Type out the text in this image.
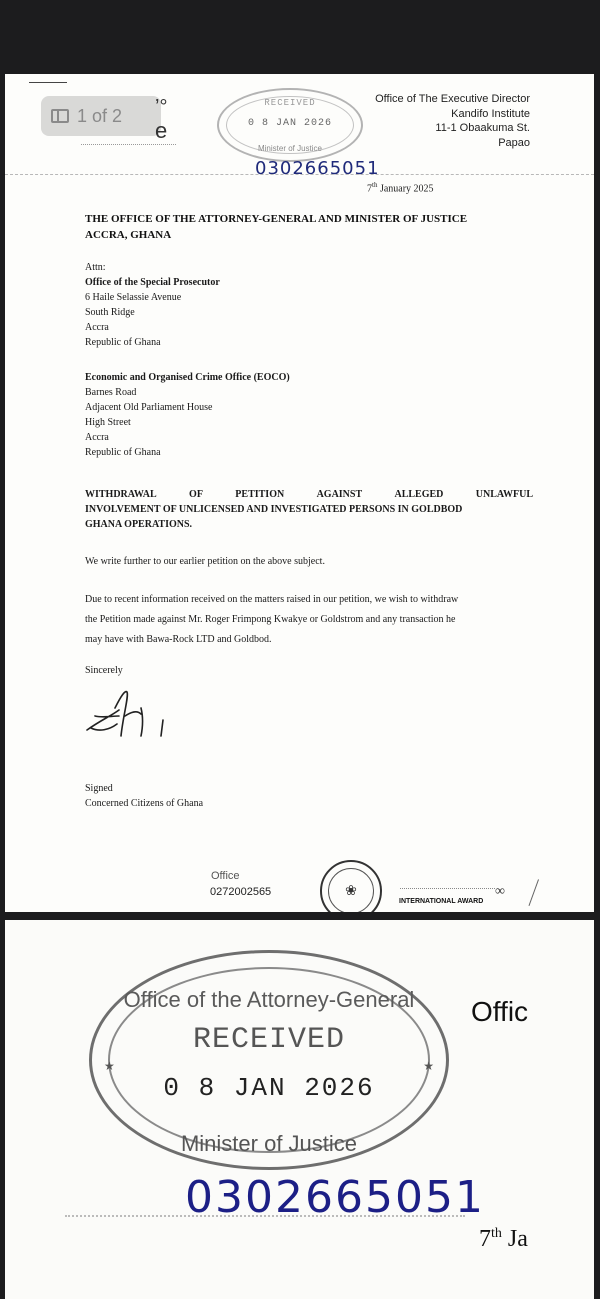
1 of 2 ’°
e
RECEIVED
0 8 JAN 2026
Minister of Justice
0302665051
Office of The Executive Director
Kandifo Institute
11-1 Obaakuma St.
Papao
7th January 2025
THE OFFICE OF THE ATTORNEY-GENERAL AND MINISTER OF JUSTICE
ACCRA, GHANA
Attn:
Office of the Special Prosecutor
6 Haile Selassie Avenue
South Ridge
Accra
Republic of Ghana
Economic and Organised Crime Office (EOCO)
Barnes Road
Adjacent Old Parliament House
High Street
Accra
Republic of Ghana
WITHDRAWAL	OF	PETITION	AGAINST	ALLEGED	UNLAWFUL
INVOLVEMENT OF UNLICENSED AND INVESTIGATED PERSONS IN GOLDBOD
GHANA OPERATIONS.
We write further to our earlier petition on the above subject.
Due to recent information received on the matters raised in our petition, we wish to withdraw
the Petition made against Mr. Roger Frimpong Kwakye or Goldstrom and any transaction he
may have with Bawa-Rock LTD and Goldbod.
Sincerely
Signed
Concerned Citizens of Ghana
Office
0272002565	❀
INTERNATIONAL AWARD
∞
Office of the Attorney-General
RECEIVED
0 8 JAN 2026
Minister of Justice
★	★
Offic
0302665051
7th Ja
